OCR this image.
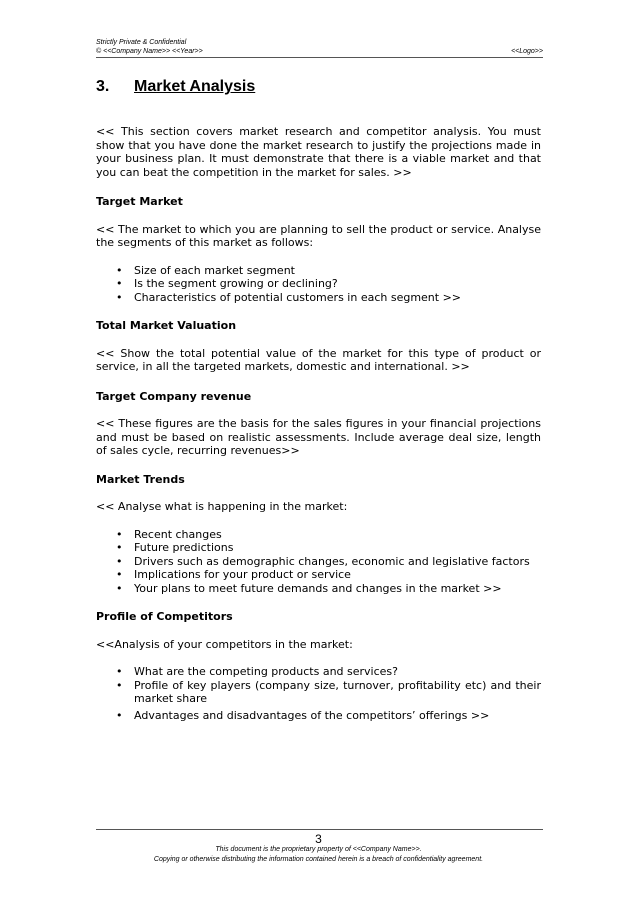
Strictly Private & Confidential
© <<Company Name>> <<Year>>	<<Logo>>
3. Market Analysis

<< This section covers market research and competitor analysis. You must show that you have done the market research to justify the projections made in your business plan. It must demonstrate that there is a viable market and that you can beat the competition in the market for sales. >>

Target Market

<< The market to which you are planning to sell the product or service. Analyse the segments of this market as follows:

• Size of each market segment
• Is the segment growing or declining?
• Characteristics of potential customers in each segment >>

Total Market Valuation

<< Show the total potential value of the market for this type of product or service, in all the targeted markets, domestic and international. >>

Target Company revenue

<< These figures are the basis for the sales figures in your financial projections and must be based on realistic assessments. Include average deal size, length of sales cycle, recurring revenues>>

Market Trends

<< Analyse what is happening in the market:

• Recent changes
• Future predictions
• Drivers such as demographic changes, economic and legislative factors
• Implications for your product or service
• Your plans to meet future demands and changes in the market >>

Profile of Competitors

<<Analysis of your competitors in the market:

• What are the competing products and services?
• Profile of key players (company size, turnover, profitability etc) and their market share
• Advantages and disadvantages of the competitors’ offerings >>
3
This document is the proprietary property of <<Company Name>>.
Copying or otherwise distributing the information contained herein is a breach of confidentiality agreement.
